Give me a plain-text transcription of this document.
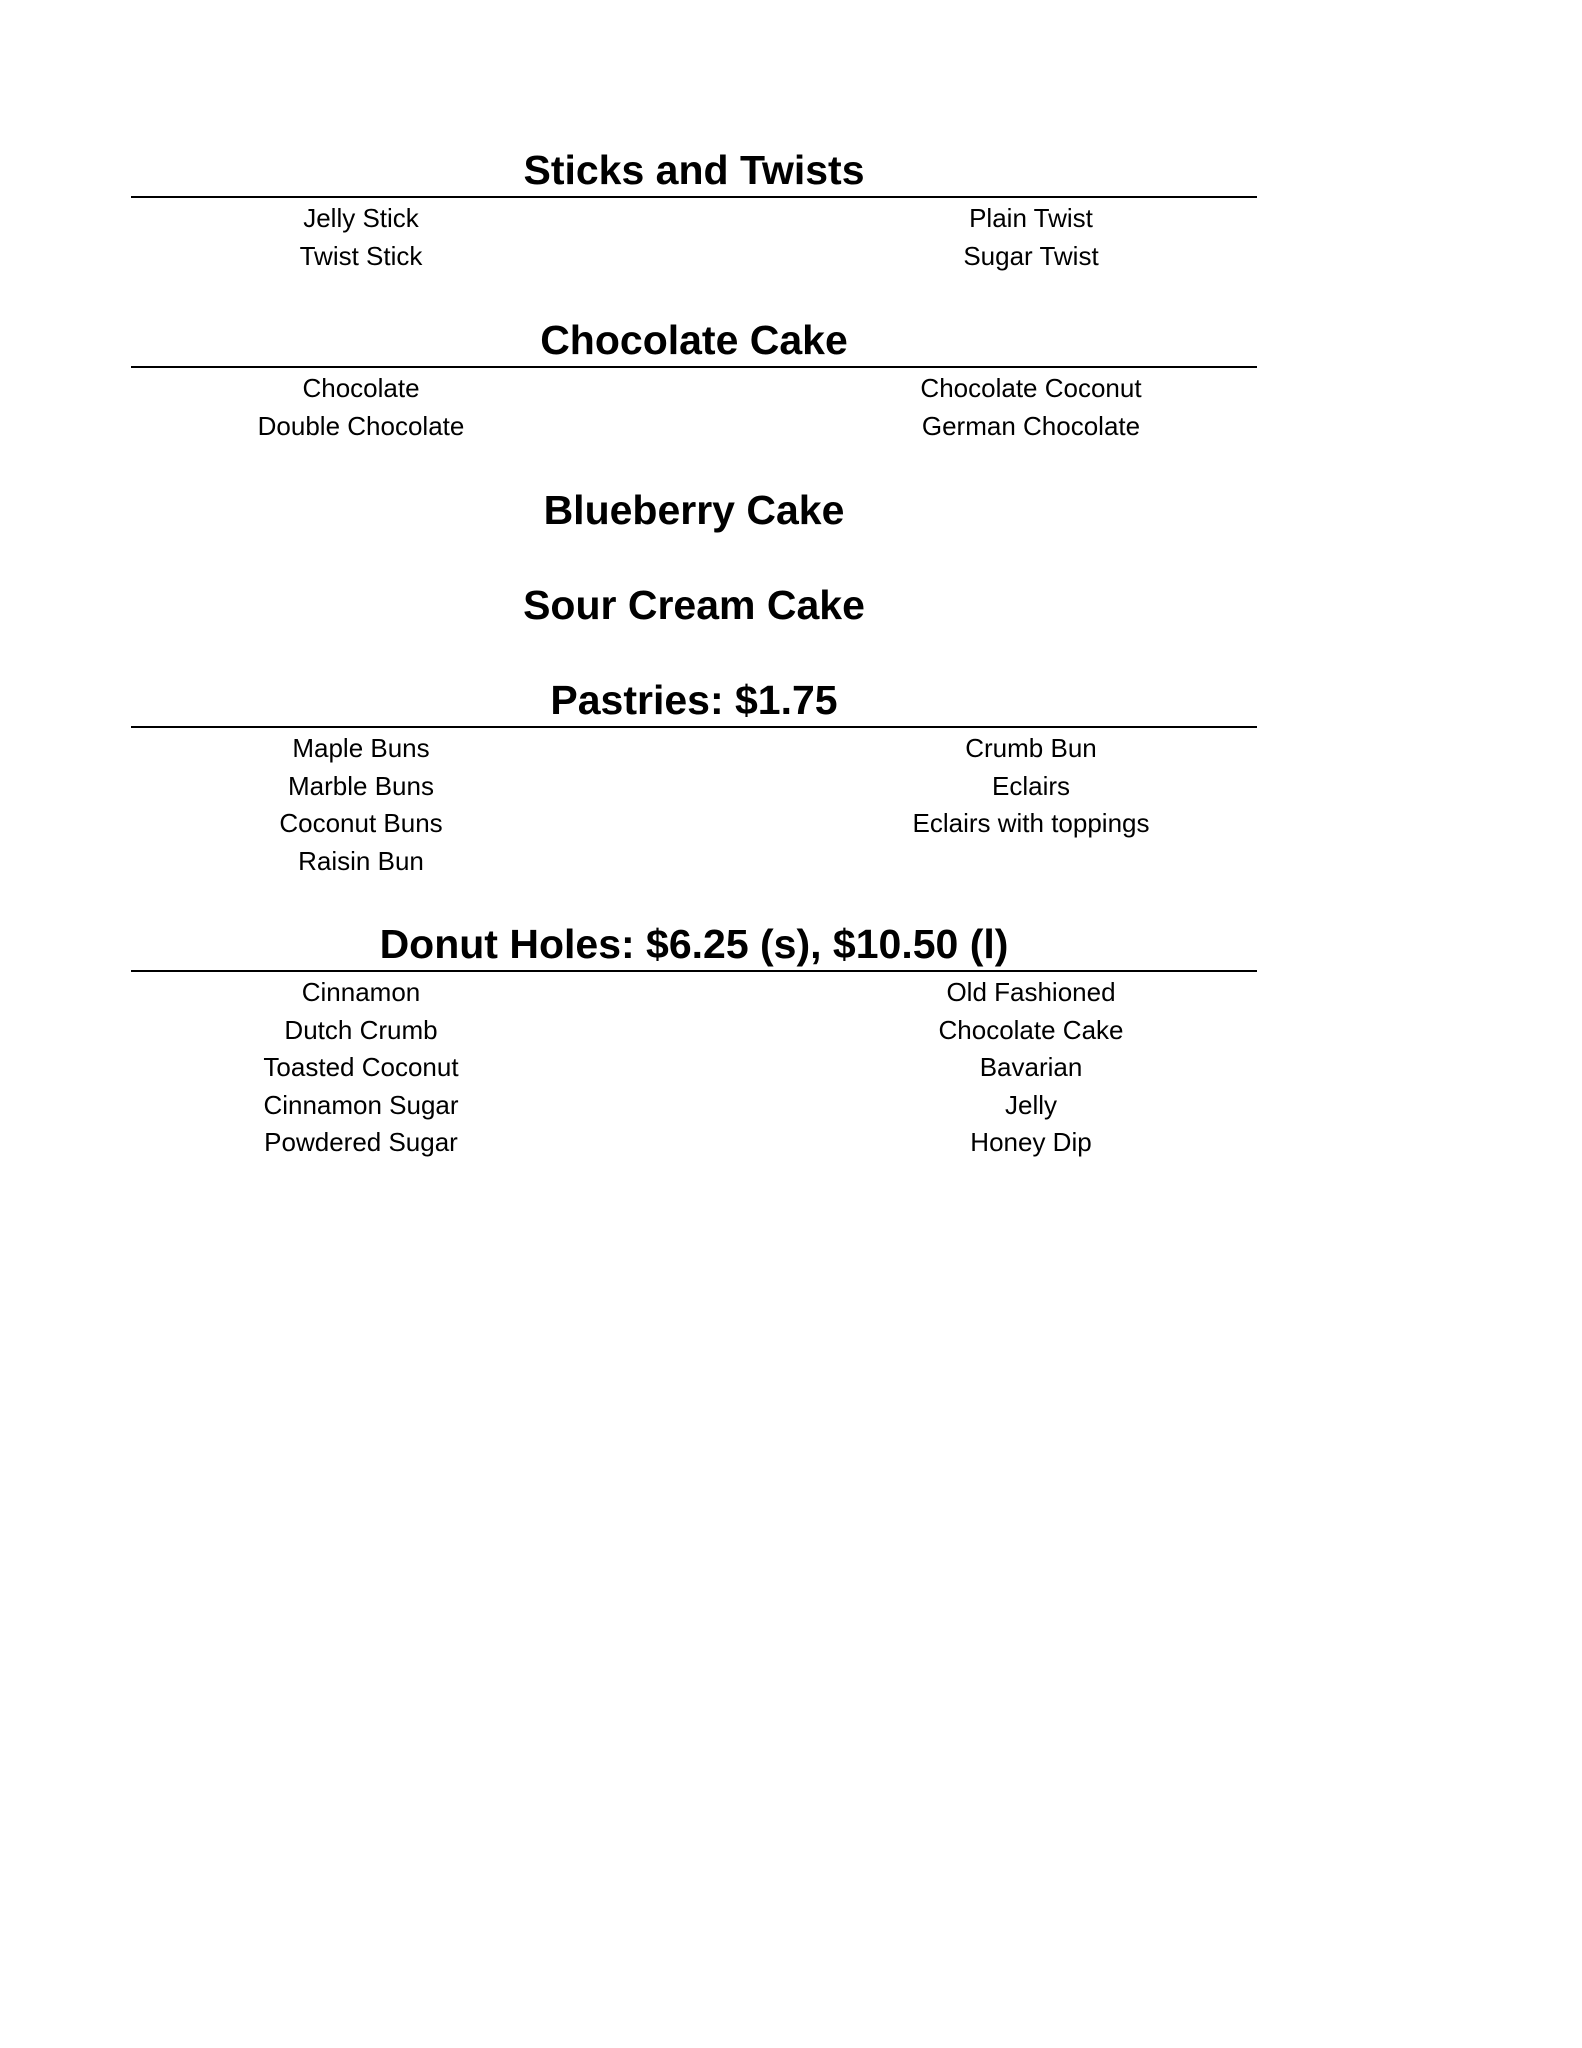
Sticks and Twists
Jelly Stick
Twist Stick
Plain Twist
Sugar Twist
Chocolate Cake
Chocolate
Double Chocolate
Chocolate Coconut
German Chocolate
Blueberry Cake
Sour Cream Cake
Pastries: $1.75
Maple Buns
Marble Buns
Coconut Buns
Raisin Bun
Crumb Bun
Eclairs
Eclairs with toppings
Donut Holes: $6.25 (s), $10.50 (l)
Cinnamon
Dutch Crumb
Toasted Coconut
Cinnamon Sugar
Powdered Sugar
Old Fashioned
Chocolate Cake
Bavarian
Jelly
Honey Dip
